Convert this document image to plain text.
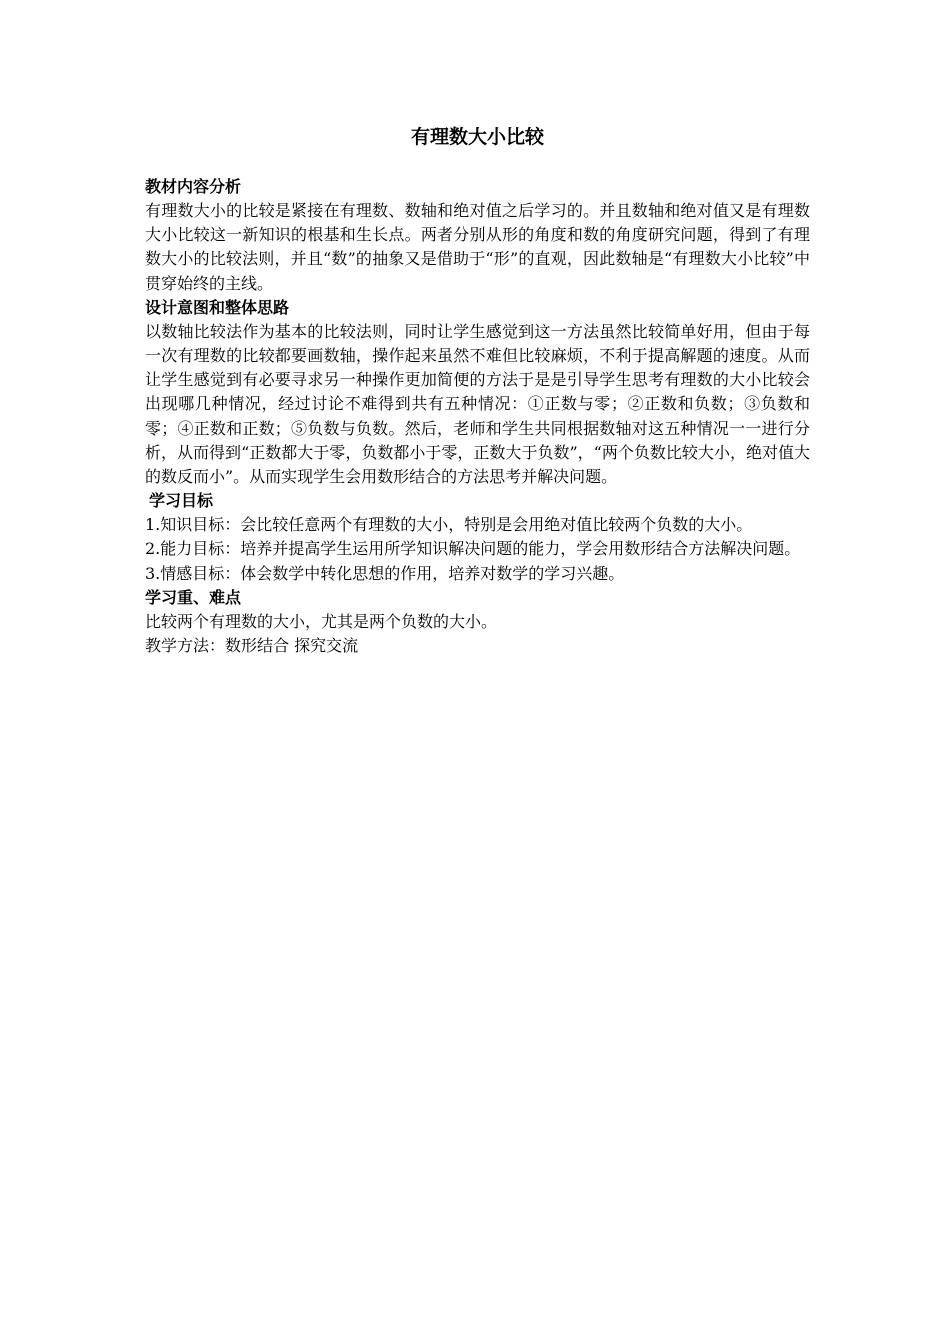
有理数大小比较

教材内容分析

有理数大小的比较是紧接在有理数、数轴和绝对值之后学习的。并且数轴和绝对值又是有理数大小比较这一新知识的根基和生长点。两者分别从形的角度和数的角度研究问题，得到了有理数大小的比较法则，并且“数”的抽象又是借助于“形”的直观，因此数轴是“有理数大小比较”中贯穿始终的主线。

设计意图和整体思路

以数轴比较法作为基本的比较法则，同时让学生感觉到这一方法虽然比较简单好用，但由于每一次有理数的比较都要画数轴，操作起来虽然不难但比较麻烦，不利于提高解题的速度。从而让学生感觉到有必要寻求另一种操作更加简便的方法于是是引导学生思考有理数的大小比较会出现哪几种情况，经过讨论不难得到共有五种情况：①正数与零；②正数和负数；③负数和零；④正数和正数；⑤负数与负数。然后，老师和学生共同根据数轴对这五种情况一一进行分析，从而得到“正数都大于零，负数都小于零，正数大于负数”，“两个负数比较大小，绝对值大的数反而小”。从而实现学生会用数形结合的方法思考并解决问题。

学习目标

1.知识目标：会比较任意两个有理数的大小，特别是会用绝对值比较两个负数的大小。

2.能力目标：培养并提高学生运用所学知识解决问题的能力，学会用数形结合方法解决问题。

3.情感目标：体会数学中转化思想的作用，培养对数学的学习兴趣。

学习重、难点

比较两个有理数的大小，尤其是两个负数的大小。

教学方法：数形结合 探究交流
